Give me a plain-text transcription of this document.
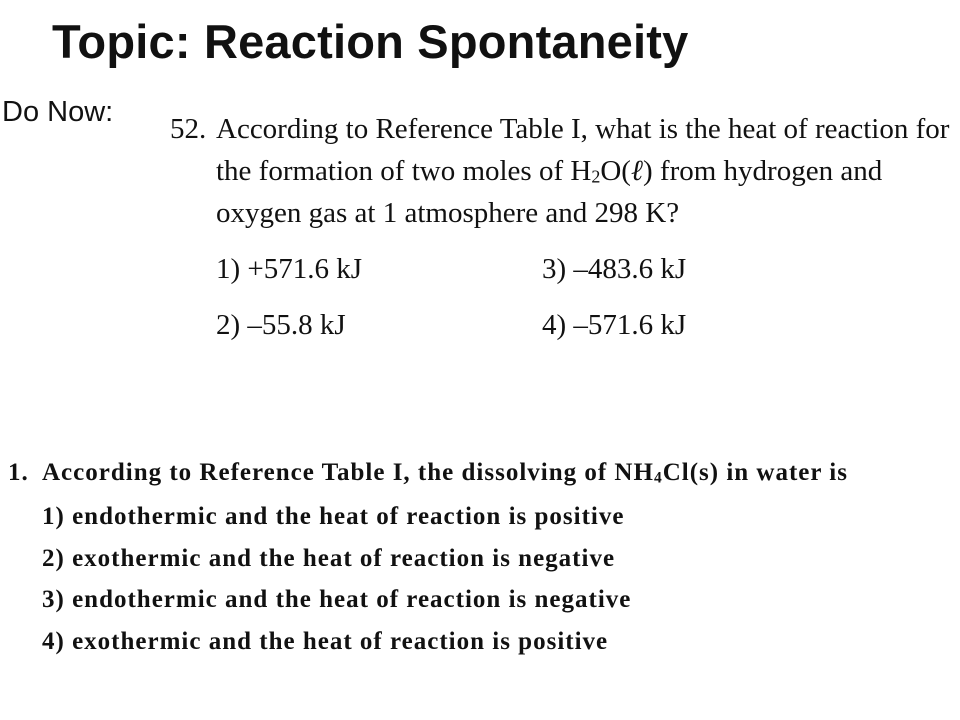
Topic: Reaction Spontaneity
Do Now:
52. According to Reference Table I, what is the heat of reaction for the formation of two moles of $H_2O(\ell)$ from hydrogen and oxygen gas at 1 atmosphere and 298 K?
1) +571.6 kJ	3) –483.6 kJ
2) –55.8 kJ	4) –571.6 kJ
1. According to Reference Table I, the dissolving of $NH_4Cl(s)$ in water is
1) endothermic and the heat of reaction is positive
2) exothermic and the heat of reaction is negative
3) endothermic and the heat of reaction is negative
4) exothermic and the heat of reaction is positive
